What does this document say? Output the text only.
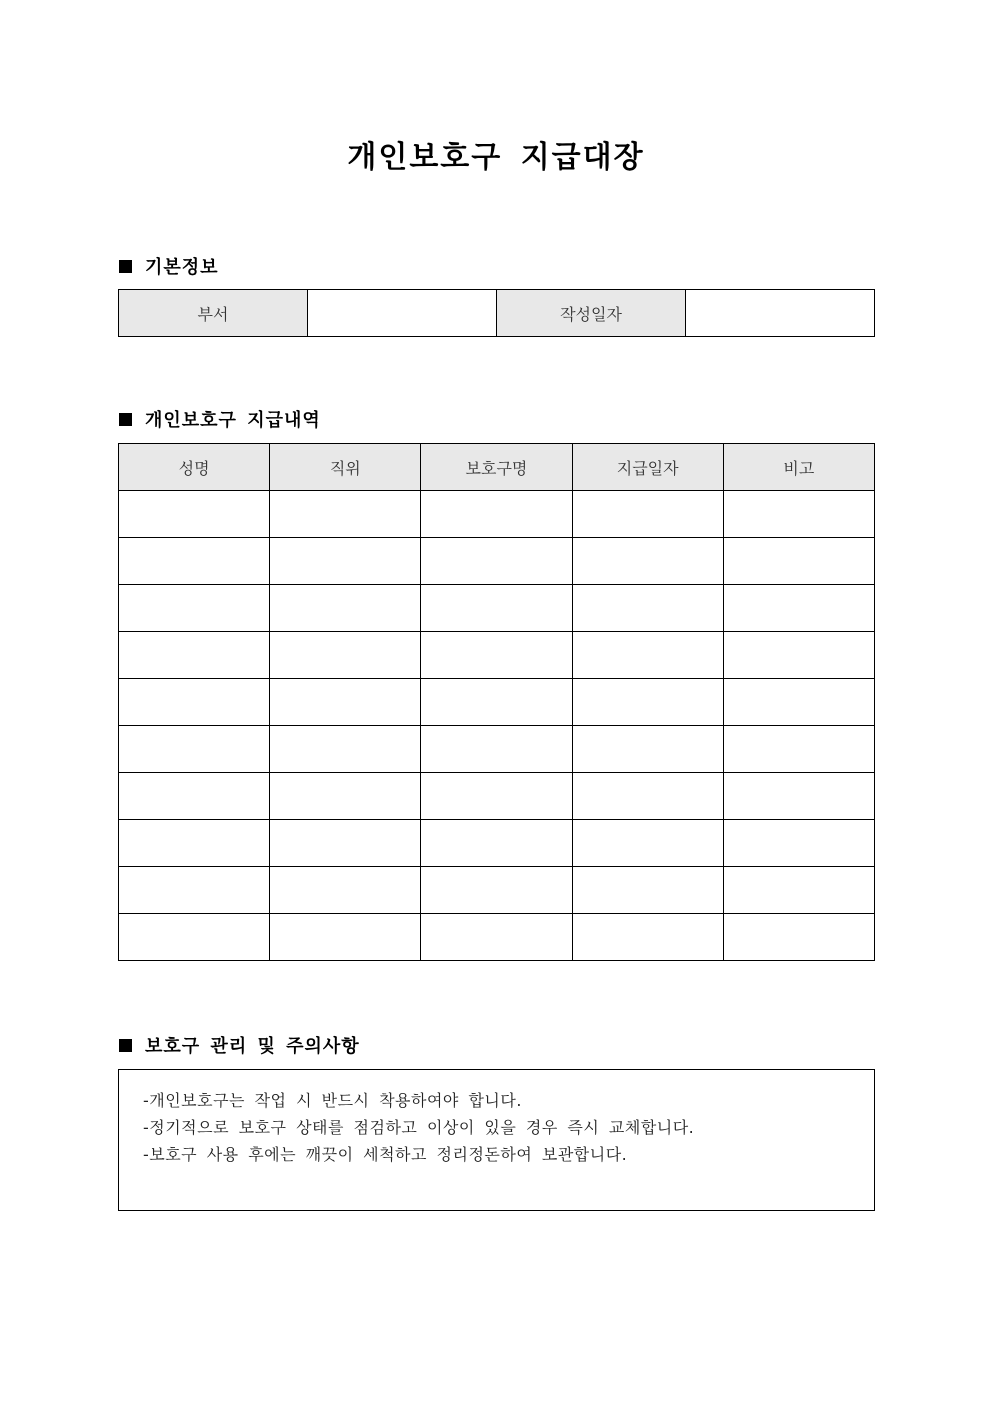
개인보호구 지급대장
기본정보
부서		작성일자	
개인보호구 지급내역
성명	직위	보호구명	지급일자	비고

보호구 관리 및 주의사항
-개인보호구는 작업 시 반드시 착용하여야 합니다.
-정기적으로 보호구 상태를 점검하고 이상이 있을 경우 즉시 교체합니다.
-보호구 사용 후에는 깨끗이 세척하고 정리정돈하여 보관합니다.
